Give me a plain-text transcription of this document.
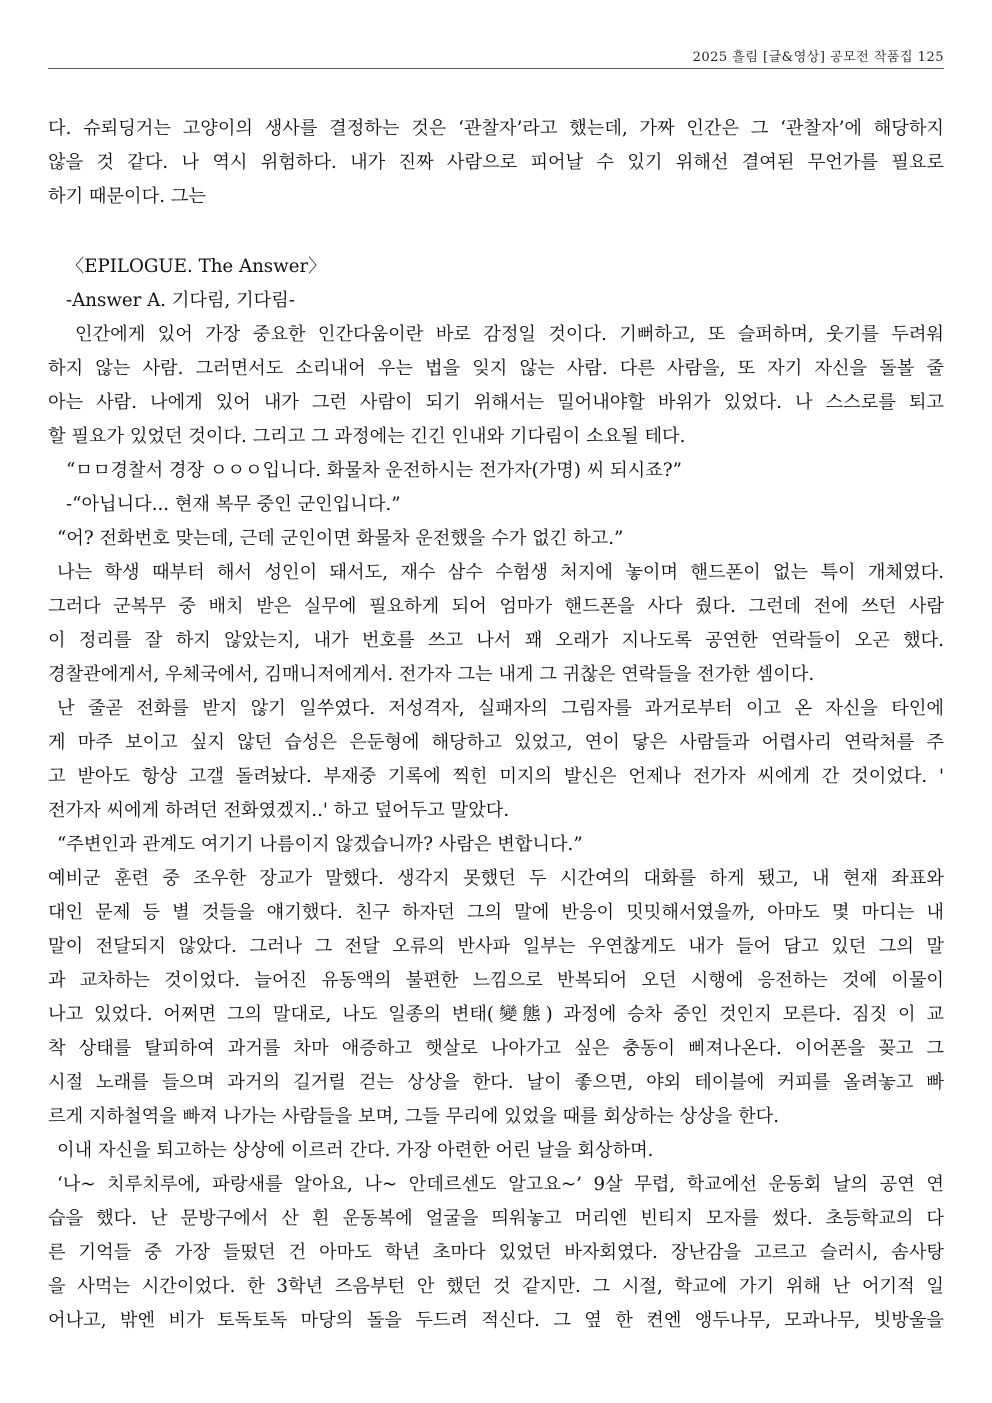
2025 흘림 [글&영상] 공모전 작품집 125
다. 슈뢰딩거는 고양이의 생사를 결정하는 것은 ‘관찰자’라고 했는데, 가짜 인간은 그 ‘관찰자’에 해당하지
않을 것 같다. 나 역시 위험하다. 내가 진짜 사람으로 피어날 수 있기 위해선 결여된 무언가를 필요로
하기 때문이다. 그는
〈EPILOGUE. The Answer〉
-Answer A. 기다림, 기다림-
인간에게 있어 가장 중요한 인간다움이란 바로 감정일 것이다. 기뻐하고, 또 슬퍼하며, 웃기를 두려워
하지 않는 사람. 그러면서도 소리내어 우는 법을 잊지 않는 사람. 다른 사람을, 또 자기 자신을 돌볼 줄
아는 사람. 나에게 있어 내가 그런 사람이 되기 위해서는 밀어내야할 바위가 있었다. 나 스스로를 퇴고
할 필요가 있었던 것이다. 그리고 그 과정에는 긴긴 인내와 기다림이 소요될 테다.
“ㅁㅁ경찰서 경장 ㅇㅇㅇ입니다. 화물차 운전하시는 전가자(가명) 씨 되시죠?”
-“아닙니다... 현재 복무 중인 군인입니다.”
“어? 전화번호 맞는데, 근데 군인이면 화물차 운전했을 수가 없긴 하고.”
나는 학생 때부터 해서 성인이 돼서도, 재수 삼수 수험생 처지에 놓이며 핸드폰이 없는 특이 개체였다.
그러다 군복무 중 배치 받은 실무에 필요하게 되어 엄마가 핸드폰을 사다 줬다. 그런데 전에 쓰던 사람
이 정리를 잘 하지 않았는지, 내가 번호를 쓰고 나서 꽤 오래가 지나도록 공연한 연락들이 오곤 했다.
경찰관에게서, 우체국에서, 김매니저에게서. 전가자 그는 내게 그 귀찮은 연락들을 전가한 셈이다.
난 줄곧 전화를 받지 않기 일쑤였다. 저성격자, 실패자의 그림자를 과거로부터 이고 온 자신을 타인에
게 마주 보이고 싶지 않던 습성은 은둔형에 해당하고 있었고, 연이 닿은 사람들과 어렵사리 연락처를 주
고 받아도 항상 고갤 돌려놨다. 부재중 기록에 찍힌 미지의 발신은 언제나 전가자 씨에게 간 것이었다. '
전가자 씨에게 하려던 전화였겠지..' 하고 덮어두고 말았다.
“주변인과 관계도 여기기 나름이지 않겠습니까? 사람은 변합니다.”
예비군 훈련 중 조우한 장교가 말했다. 생각지 못했던 두 시간여의 대화를 하게 됐고, 내 현재 좌표와
대인 문제 등 별 것들을 얘기했다. 친구 하자던 그의 말에 반응이 밋밋해서였을까, 아마도 몇 마디는 내
말이 전달되지 않았다. 그러나 그 전달 오류의 반사파 일부는 우연찮게도 내가 들어 담고 있던 그의 말
과 교차하는 것이었다. 늘어진 유동액의 불편한 느낌으로 반복되어 오던 시행에 응전하는 것에 이물이
나고 있었다. 어쩌면 그의 말대로, 나도 일종의 변태(變態) 과정에 승차 중인 것인지 모른다. 짐짓 이 교
착 상태를 탈피하여 과거를 차마 애증하고 햇살로 나아가고 싶은 충동이 삐져나온다. 이어폰을 꽂고 그
시절 노래를 들으며 과거의 길거릴 걷는 상상을 한다. 날이 좋으면, 야외 테이블에 커피를 올려놓고 빠
르게 지하철역을 빠져 나가는 사람들을 보며, 그들 무리에 있었을 때를 회상하는 상상을 한다.
이내 자신을 퇴고하는 상상에 이르러 간다. 가장 아련한 어린 날을 회상하며.
‘나~ 치루치루에, 파랑새를 알아요, 나~ 안데르센도 알고요~’ 9살 무렵, 학교에선 운동회 날의 공연 연
습을 했다. 난 문방구에서 산 흰 운동복에 얼굴을 띄워놓고 머리엔 빈티지 모자를 썼다. 초등학교의 다
른 기억들 중 가장 들떴던 건 아마도 학년 초마다 있었던 바자회였다. 장난감을 고르고 슬러시, 솜사탕
을 사먹는 시간이었다. 한 3학년 즈음부턴 안 했던 것 같지만. 그 시절, 학교에 가기 위해 난 어기적 일
어나고, 밖엔 비가 토독토독 마당의 돌을 두드려 적신다. 그 옆 한 켠엔 앵두나무, 모과나무, 빗방울을
